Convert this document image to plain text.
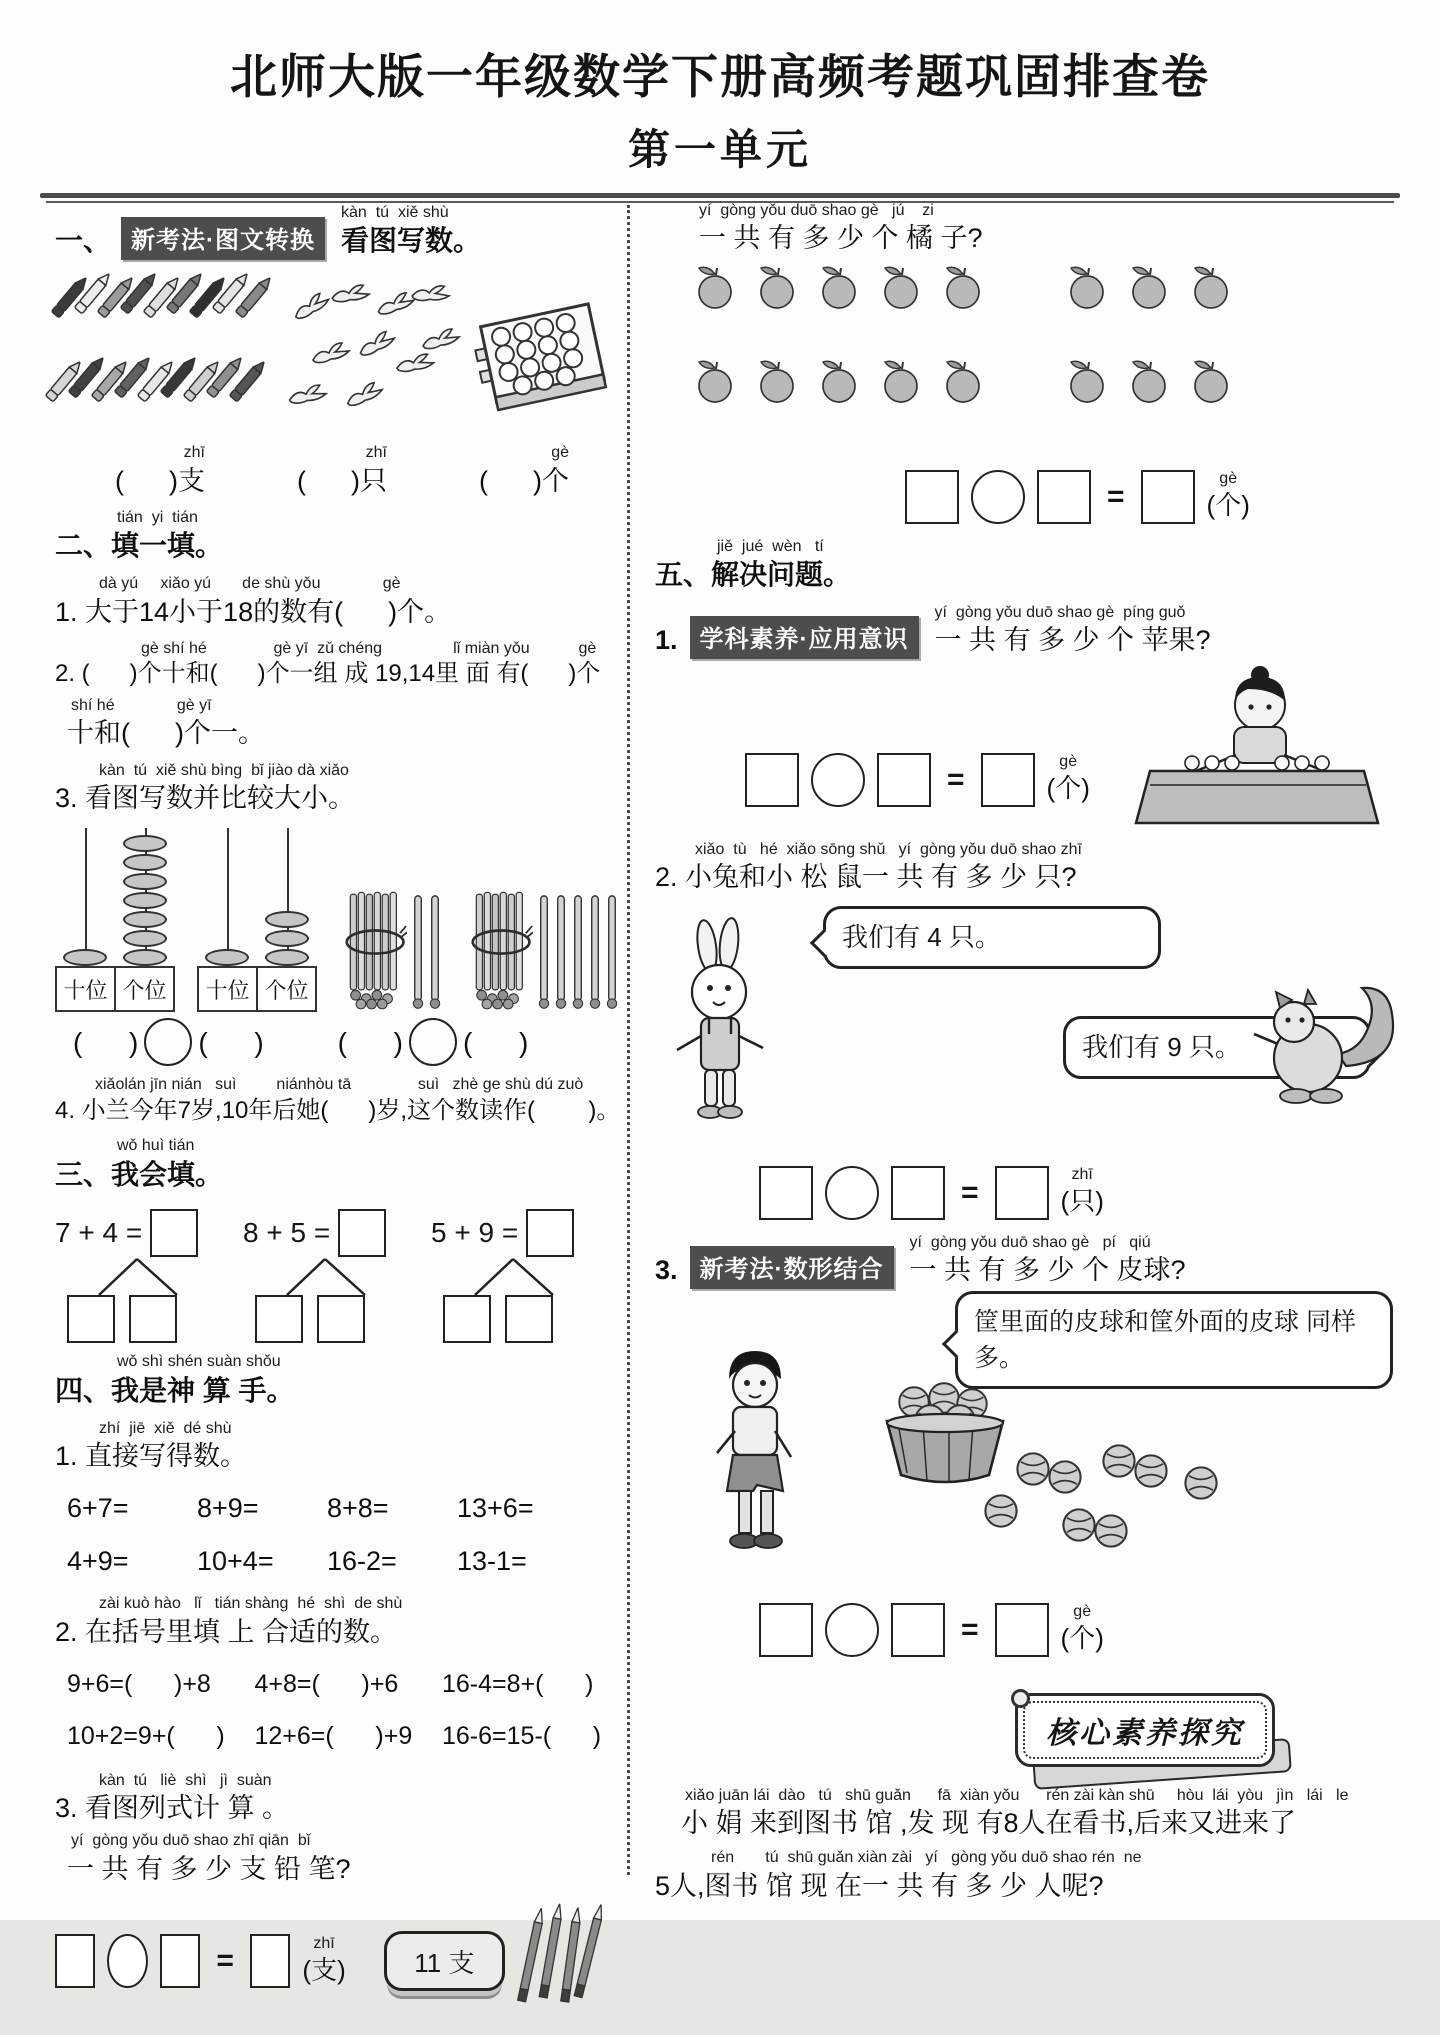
北师大版一年级数学下册高频考题巩固排查卷
第一单元
一、 新考法·图文转换
kàn  tú  xiě shù
看图写数。
zhī
(      )支
zhī
(      )只
gè
(      )个
tián  yi  tián
二、填一填。
dà yú     xiǎo yú       de shù yǒu              gè
1. 大于14小于18的数有(      )个。
gè shí hé               gè yī  zǔ chéng                lǐ miàn yǒu           gè
2. (      )个十和(      )个一组 成 19,14里 面 有(      )个
shí hé              gè yī
十和(      )个一。
kàn  tú  xiě shù bìng  bǐ jiào dà xiǎo
3. 看图写数并比较大小。
十位 个位 十位 个位
(      ) (      )	(      ) (      )
xiǎolán jīn nián   suì         niánhòu tā               suì   zhè ge shù dú zuò
4. 小兰今年7岁,10年后她(      )岁,这个数读作(        )。
wǒ huì tián
三、我会填。
7 + 4 =	8 + 5 =	5 + 9 =
wǒ shì shén suàn shǒu
四、我是神 算 手。
zhí  jiē  xiě  dé shù
1. 直接写得数。
6+7=	8+9=	8+8=	13+6=
4+9=	10+4=	16-2=	13-1=
zài kuò hào   lǐ   tián shàng  hé  shì  de shù
2. 在括号里填 上 合适的数。
9+6=(      )+8	4+8=(      )+6	16-4=8+(      )
10+2=9+(      )	12+6=(      )+9	16-6=15-(      )
kàn  tú   liè  shì   jì  suàn
3. 看图列式计 算 。
yí  gòng yǒu duō shao zhī qiān  bǐ
一 共 有 多 少 支 铅 笔?
=
zhī
(支)	11 支
yí  gòng yǒu duō shao gè   jú    zi
一 共 有 多 少 个 橘 子?
=
gè
(个)
jiě  jué  wèn   tí
五、解决问题。
1. 学科素养·应用意识
yí  gòng yǒu duō shao gè  píng guǒ
一 共 有 多 少 个 苹果?
=
gè
(个)
xiǎo  tù   hé  xiǎo sōng shǔ   yí  gòng yǒu duō shao zhī
2. 小兔和小 松 鼠一 共 有 多 少 只?
我们有 4 只。
我们有 9 只。
=
zhī
(只)
3. 新考法·数形结合
yí  gòng yǒu duō shao gè   pí   qiú
一 共 有 多 少 个 皮球?
筐里面的皮球和筐外面的皮球 同样多。
=
gè
(个)
核心素养探究
xiǎo juān lái  dào   tú   shū guǎn      fā  xiàn yǒu      rén zài kàn shū     hòu  lái  yòu   jìn   lái   le
小 娟 来到图书 馆 ,发 现 有8人在看书,后来又进来了
rén       tú  shū guǎn xiàn zài   yí   gòng yǒu duō shao rén  ne
5人,图书 馆 现 在一 共 有 多 少 人呢?
